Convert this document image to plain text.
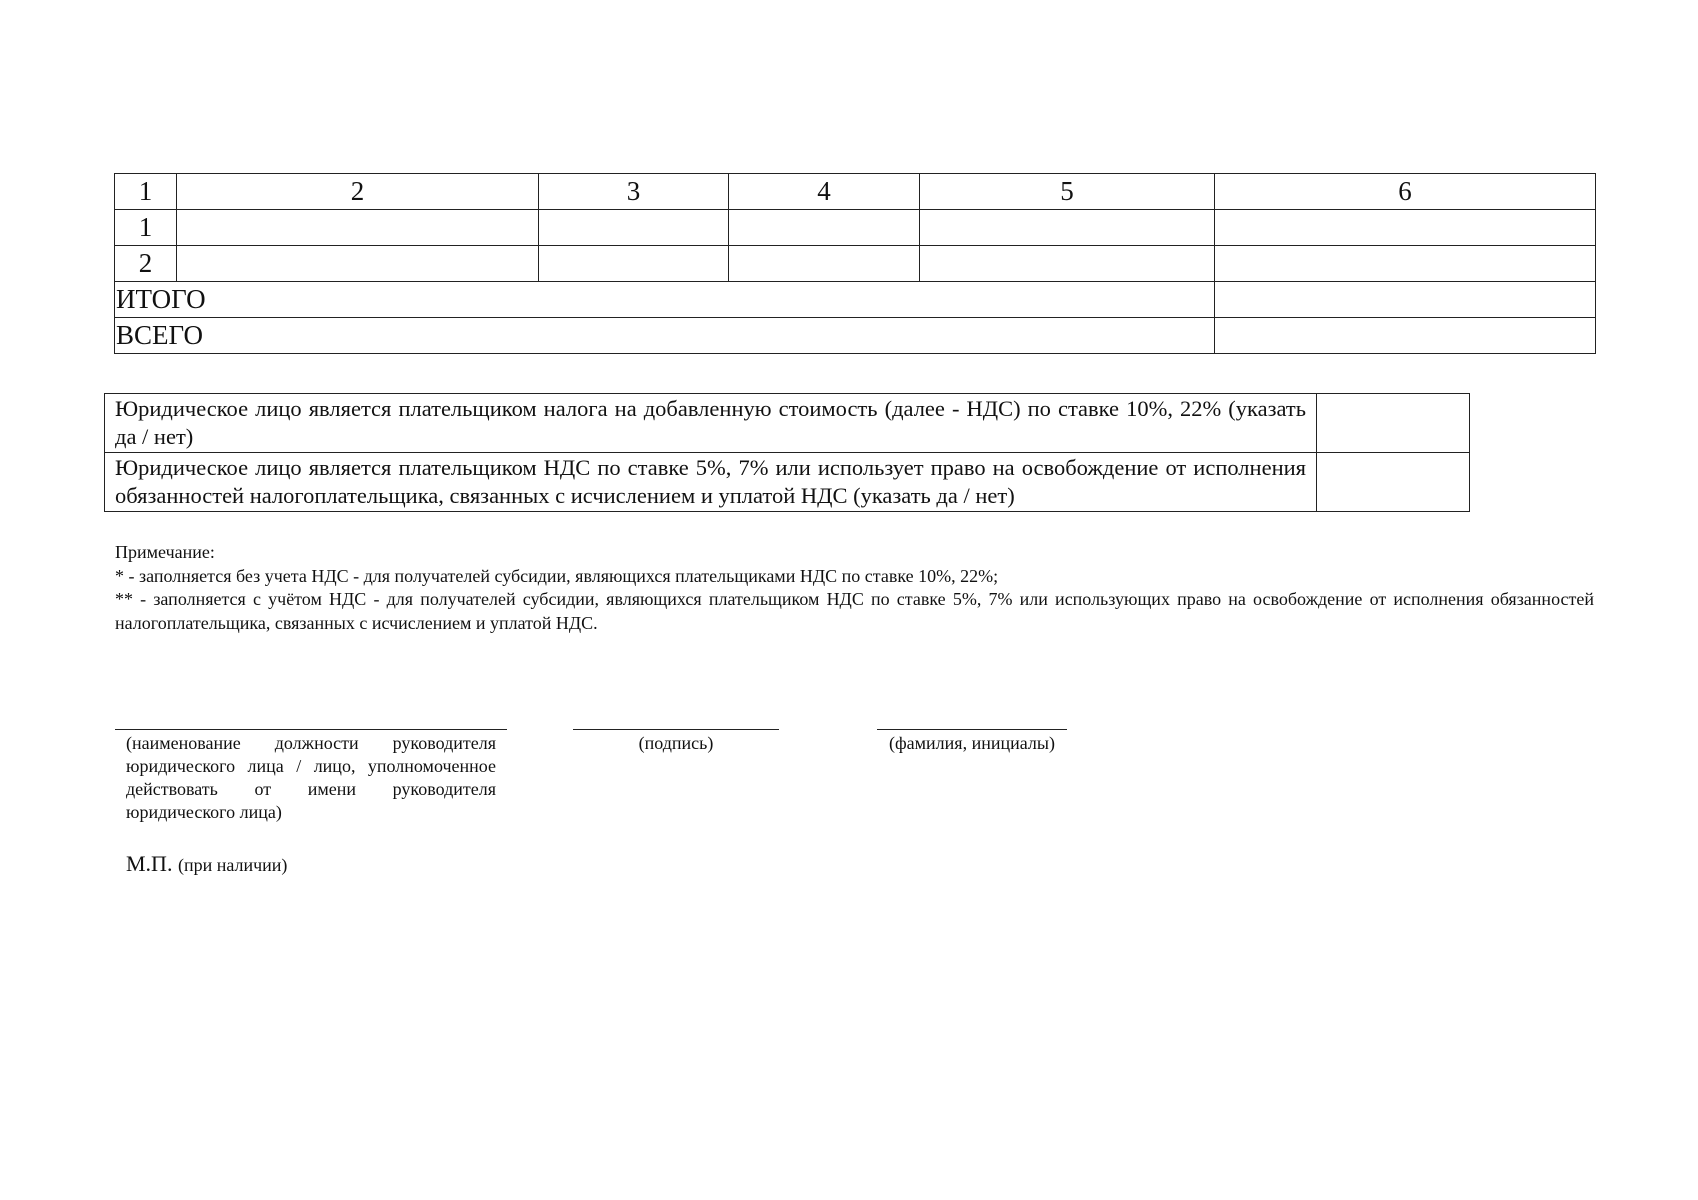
1	2	3	4	5	6
1					
2					
ИТОГО					
ВСЕГО					
Юридическое лицо является плательщиком налога на добавленную стоимость (далее - НДС) по ставке 10%, 22% (указать да / нет)	
Юридическое лицо является плательщиком НДС по ставке 5%, 7% или использует право на освобождение от исполнения обязанностей налогоплательщика, связанных с исчислением и уплатой НДС (указать да / нет)	

Примечание:

* - заполняется без учета НДС - для получателей субсидии, являющихся плательщиками НДС по ставке 10%, 22%;

** - заполняется с учётом НДС - для получателей субсидии, являющихся плательщиком НДС по ставке 5%, 7% или использующих право на освобождение от исполнения обязанностей налогоплательщика, связанных с исчислением и уплатой НДС.

(наименование должности руководителя юридического лица / лицо, уполномоченное действовать от имени руководителя юридического лица)
(подпись)	(фамилия, инициалы)
М.П. (при наличии)
